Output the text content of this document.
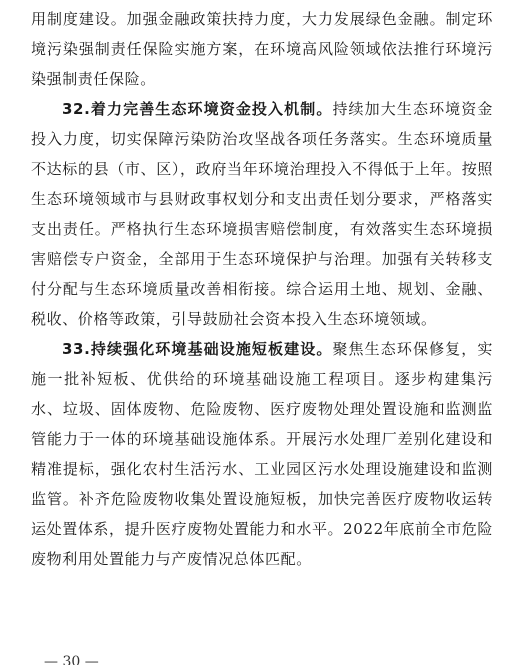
用制度建设。加强金融政策扶持力度，大力发展绿色金融。制定环境污染强制责任保险实施方案，在环境高风险领域依法推行环境污染强制责任保险。

32.着力完善生态环境资金投入机制。持续加大生态环境资金投入力度，切实保障污染防治攻坚战各项任务落实。生态环境质量不达标的县（市、区），政府当年环境治理投入不得低于上年。按照生态环境领域市与县财政事权划分和支出责任划分要求，严格落实支出责任。严格执行生态环境损害赔偿制度，有效落实生态环境损害赔偿专户资金，全部用于生态环境保护与治理。加强有关转移支付分配与生态环境质量改善相衔接。综合运用土地、规划、金融、税收、价格等政策，引导鼓励社会资本投入生态环境领域。

33.持续强化环境基础设施短板建设。聚焦生态环保修复，实施一批补短板、优供给的环境基础设施工程项目。逐步构建集污水、垃圾、固体废物、危险废物、医疗废物处理处置设施和监测监管能力于一体的环境基础设施体系。开展污水处理厂差别化建设和精准提标，强化农村生活污水、工业园区污水处理设施建设和监测监管。补齐危险废物收集处置设施短板，加快完善医疗废物收运转运处置体系，提升医疗废物处置能力和水平。2022年底前全市危险废物利用处置能力与产废情况总体匹配。

— 30 —
